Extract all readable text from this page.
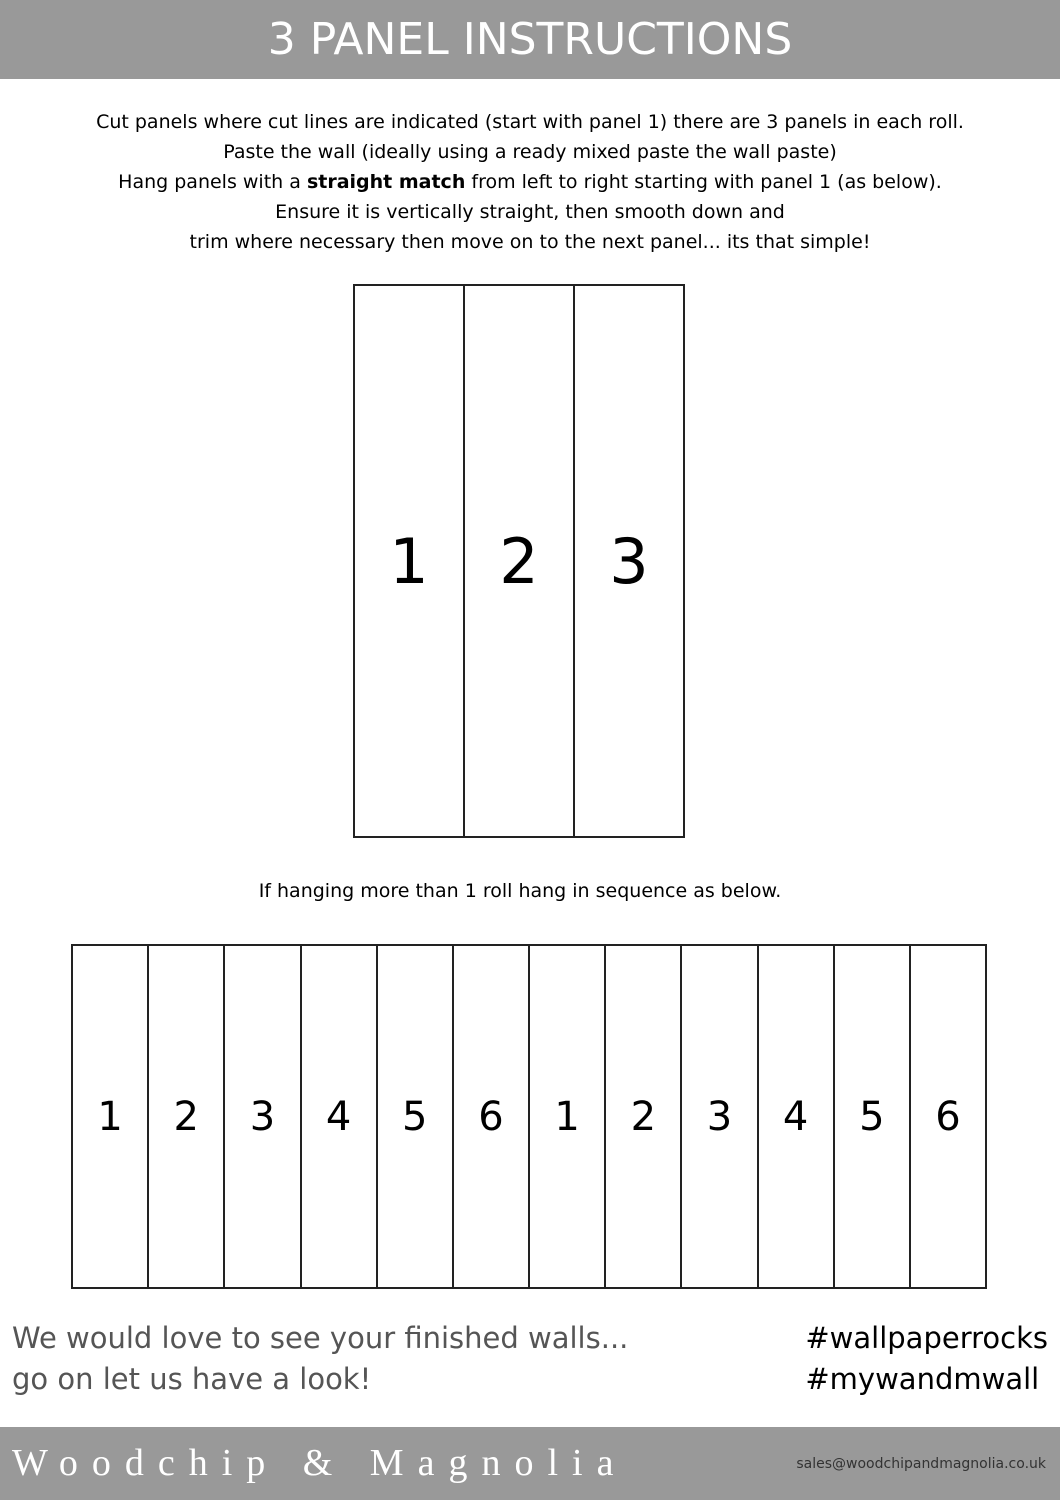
3 PANEL INSTRUCTIONS
Cut panels where cut lines are indicated (start with panel 1) there are 3 panels in each roll.
Paste the wall (ideally using a ready mixed paste the wall paste)
Hang panels with a straight match from left to right starting with panel 1 (as below).
Ensure it is vertically straight, then smooth down and
trim where necessary then move on to the next panel... its that simple!
1	2	3
If hanging more than 1 roll hang in sequence as below.
1	2	3	4	5	6	1	2	3	4	5	6
We would love to see your finished walls...
go on let us have a look!
#wallpaperrocks
#mywandmwall
Woodchip & Magnolia	sales@woodchipandmagnolia.co.uk
